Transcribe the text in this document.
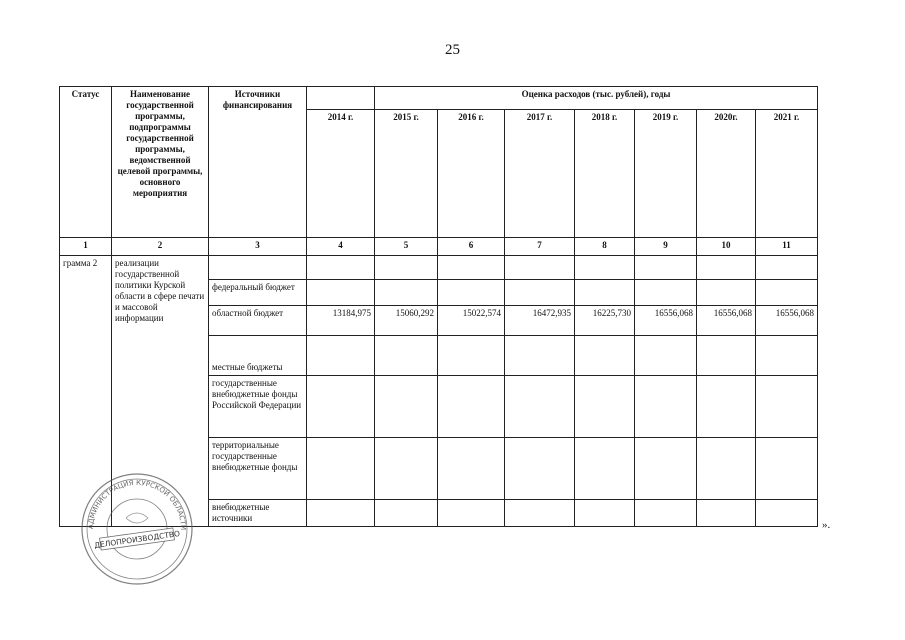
25
Статус	Наименование государственной программы, подпрограммы государственной программы, ведомственной целевой программы, основного мероприятия	Источники финансирования		Оценка расходов (тыс. рублей), годы						
			2014 г.	2015 г.	2016 г.	2017 г.	2018 г.	2019 г.	2020г.	2021 г.
1	2	3	4	5	6	7	8	9	10	11
грамма 2	реализации государственной политики Курской области в сфере печати и массовой информации									
		федеральный бюджет								
		областной бюджет	13184,975	15060,292	15022,574	16472,935	16225,730	16556,068	16556,068	16556,068
		местные бюджеты								
		государственные внебюджетные фонды Российской Федерации								
		территориальные государственные внебюджетные фонды								
		внебюджетные источники								
».
АДМИНИСТРАЦИЯ КУРСКОЙ ОБЛАСТИ
ДЕЛОПРОИЗВОДСТВО
